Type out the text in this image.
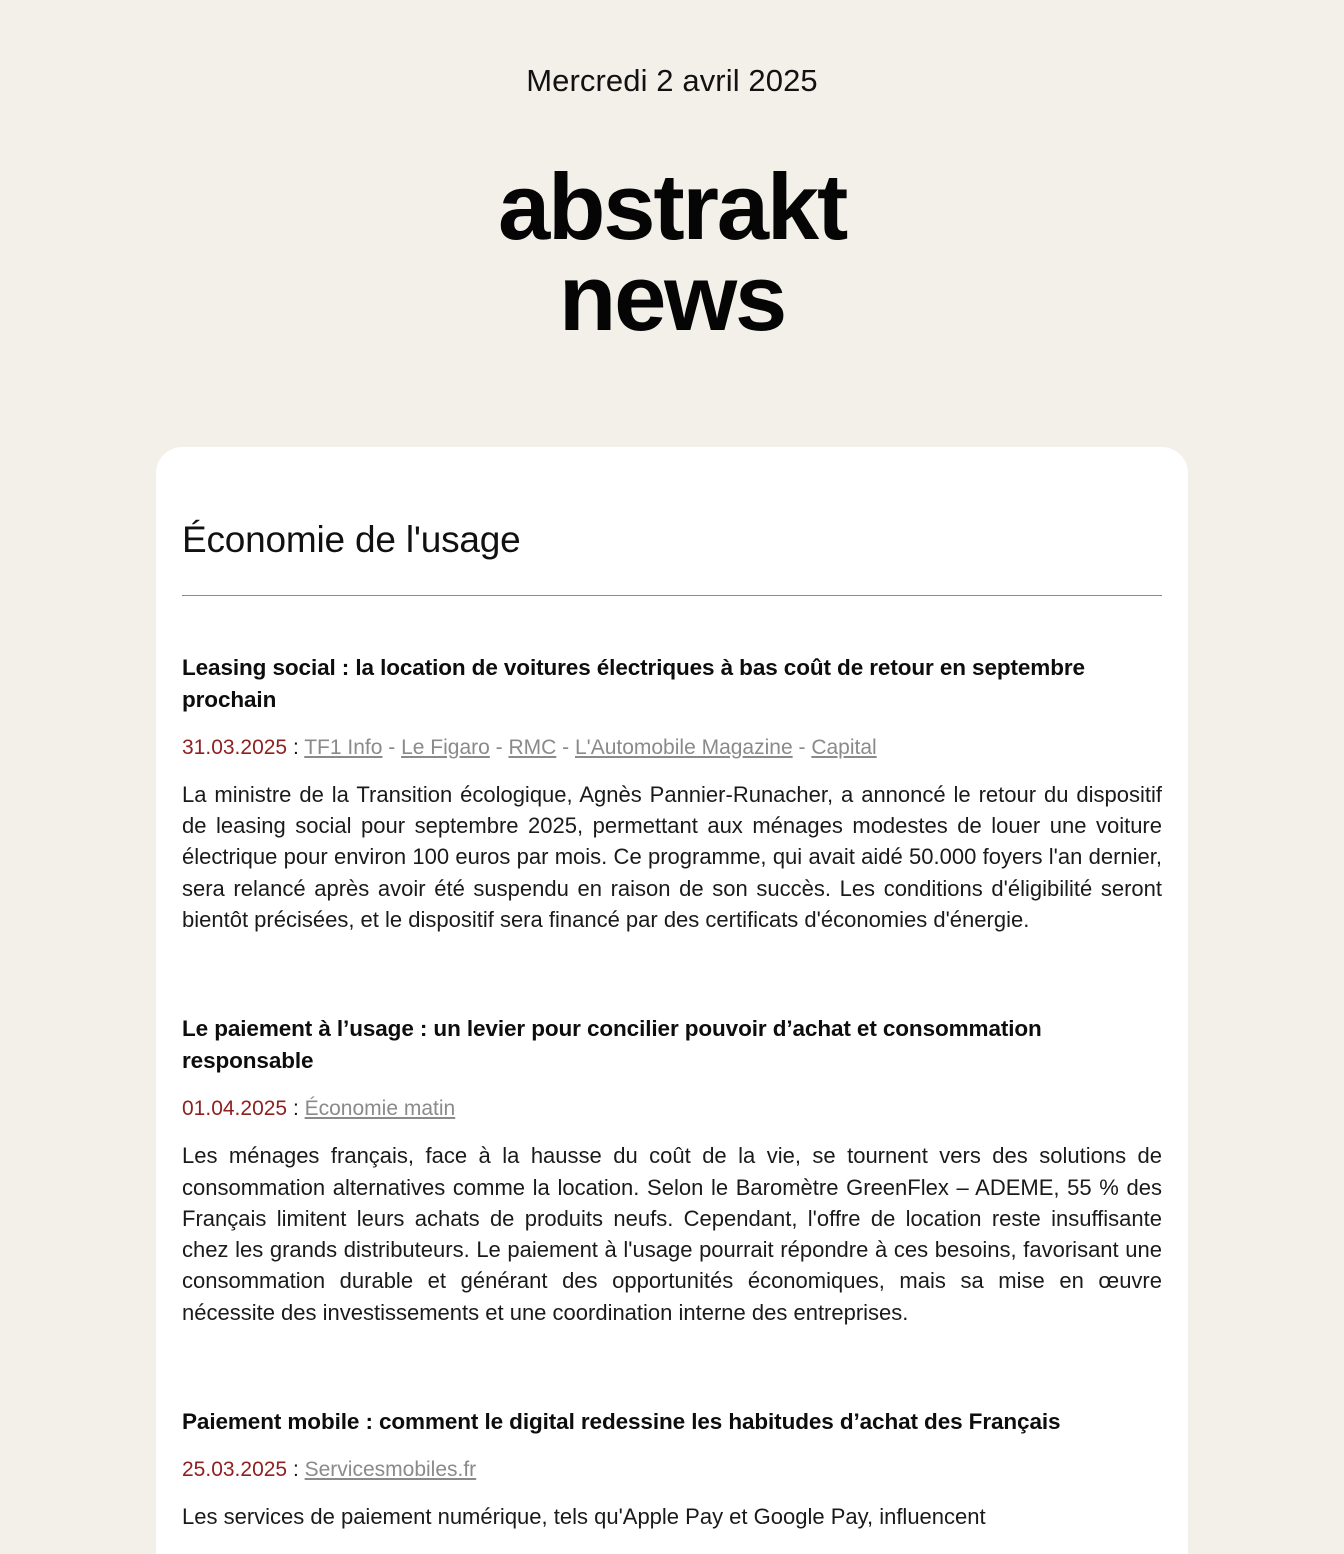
Mercredi 2 avril 2025
abstrakt
news
Économie de l'usage
Leasing social : la location de voitures électriques à bas coût de retour en septembre prochain
31.03.2025 : TF1 Info - Le Figaro - RMC - L'Automobile Magazine - Capital

La ministre de la Transition écologique, Agnès Pannier-Runacher, a annoncé le retour du dispositif de leasing social pour septembre 2025, permettant aux ménages modestes de louer une voiture électrique pour environ 100 euros par mois. Ce programme, qui avait aidé 50.000 foyers l'an dernier, sera relancé après avoir été suspendu en raison de son succès. Les conditions d'éligibilité seront bientôt précisées, et le dispositif sera financé par des certificats d'économies d'énergie.

Le paiement à l’usage : un levier pour concilier pouvoir d’achat et consommation responsable
01.04.2025 : Économie matin

Les ménages français, face à la hausse du coût de la vie, se tournent vers des solutions de consommation alternatives comme la location. Selon le Baromètre GreenFlex – ADEME, 55 % des Français limitent leurs achats de produits neufs. Cependant, l'offre de location reste insuffisante chez les grands distributeurs. Le paiement à l'usage pourrait répondre à ces besoins, favorisant une consommation durable et générant des opportunités économiques, mais sa mise en œuvre nécessite des investissements et une coordination interne des entreprises.

Paiement mobile : comment le digital redessine les habitudes d’achat des Français
25.03.2025 : Servicesmobiles.fr

Les services de paiement numérique, tels qu'Apple Pay et Google Pay, influencent
